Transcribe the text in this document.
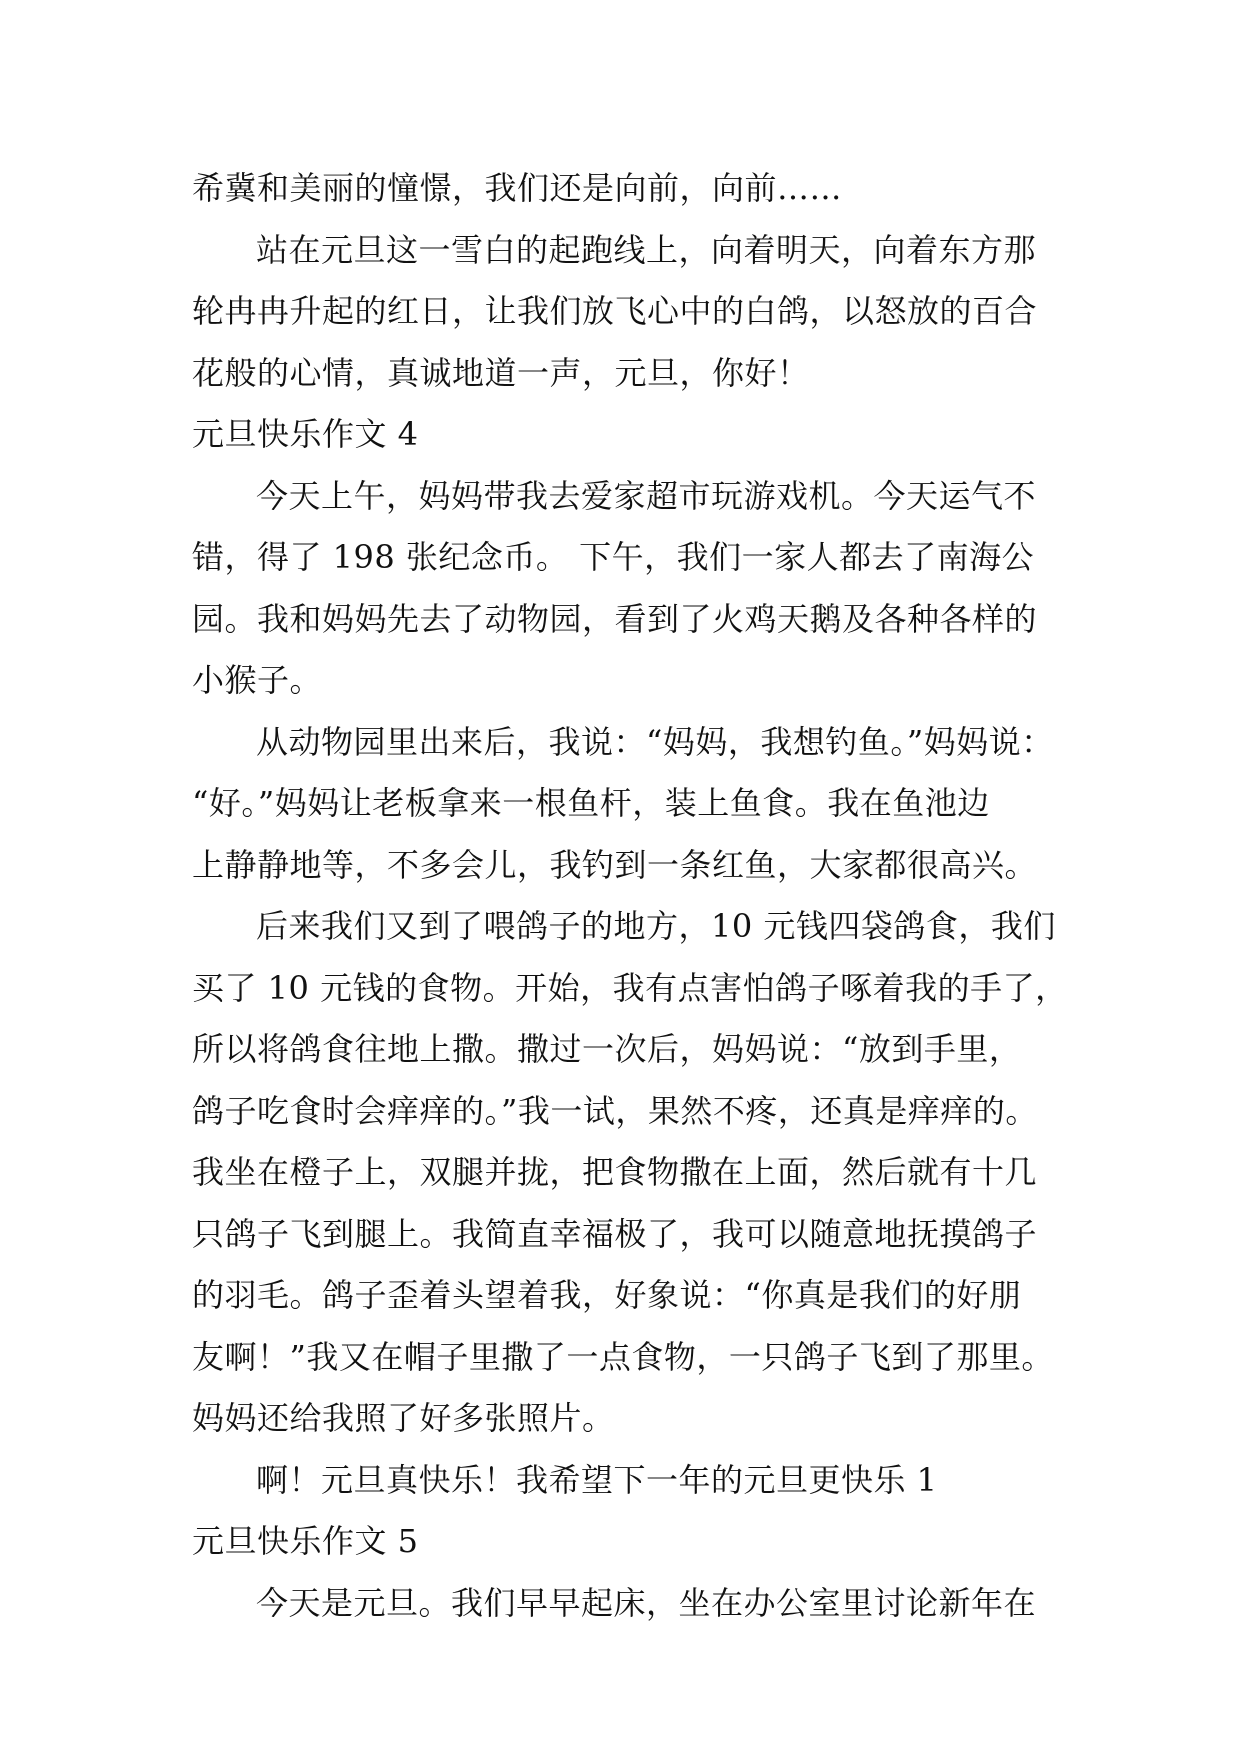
希冀和美丽的憧憬，我们还是向前，向前……
站在元旦这一雪白的起跑线上，向着明天，向着东方那
轮冉冉升起的红日，让我们放飞心中的白鸽，以怒放的百合
花般的心情，真诚地道一声，元旦，你好！
元旦快乐作文 4
今天上午，妈妈带我去爱家超市玩游戏机。今天运气不
错，得了 198 张纪念币。 下午，我们一家人都去了南海公
园。我和妈妈先去了动物园，看到了火鸡天鹅及各种各样的
小猴子。
从动物园里出来后，我说：“妈妈，我想钓鱼。”妈妈说：
“好。”妈妈让老板拿来一根鱼杆，装上鱼食。我在鱼池边
上静静地等，不多会儿，我钓到一条红鱼，大家都很高兴。
后来我们又到了喂鸽子的地方，10 元钱四袋鸽食，我们
买了 10 元钱的食物。开始，我有点害怕鸽子啄着我的手了，
所以将鸽食往地上撒。撒过一次后，妈妈说：“放到手里，
鸽子吃食时会痒痒的。”我一试，果然不疼，还真是痒痒的。
我坐在橙子上，双腿并拢，把食物撒在上面，然后就有十几
只鸽子飞到腿上。我简直幸福极了，我可以随意地抚摸鸽子
的羽毛。鸽子歪着头望着我，好象说：“你真是我们的好朋
友啊！”我又在帽子里撒了一点食物，一只鸽子飞到了那里。
妈妈还给我照了好多张照片。
啊！元旦真快乐！我希望下一年的元旦更快乐 1
元旦快乐作文 5
今天是元旦。我们早早起床，坐在办公室里讨论新年在
